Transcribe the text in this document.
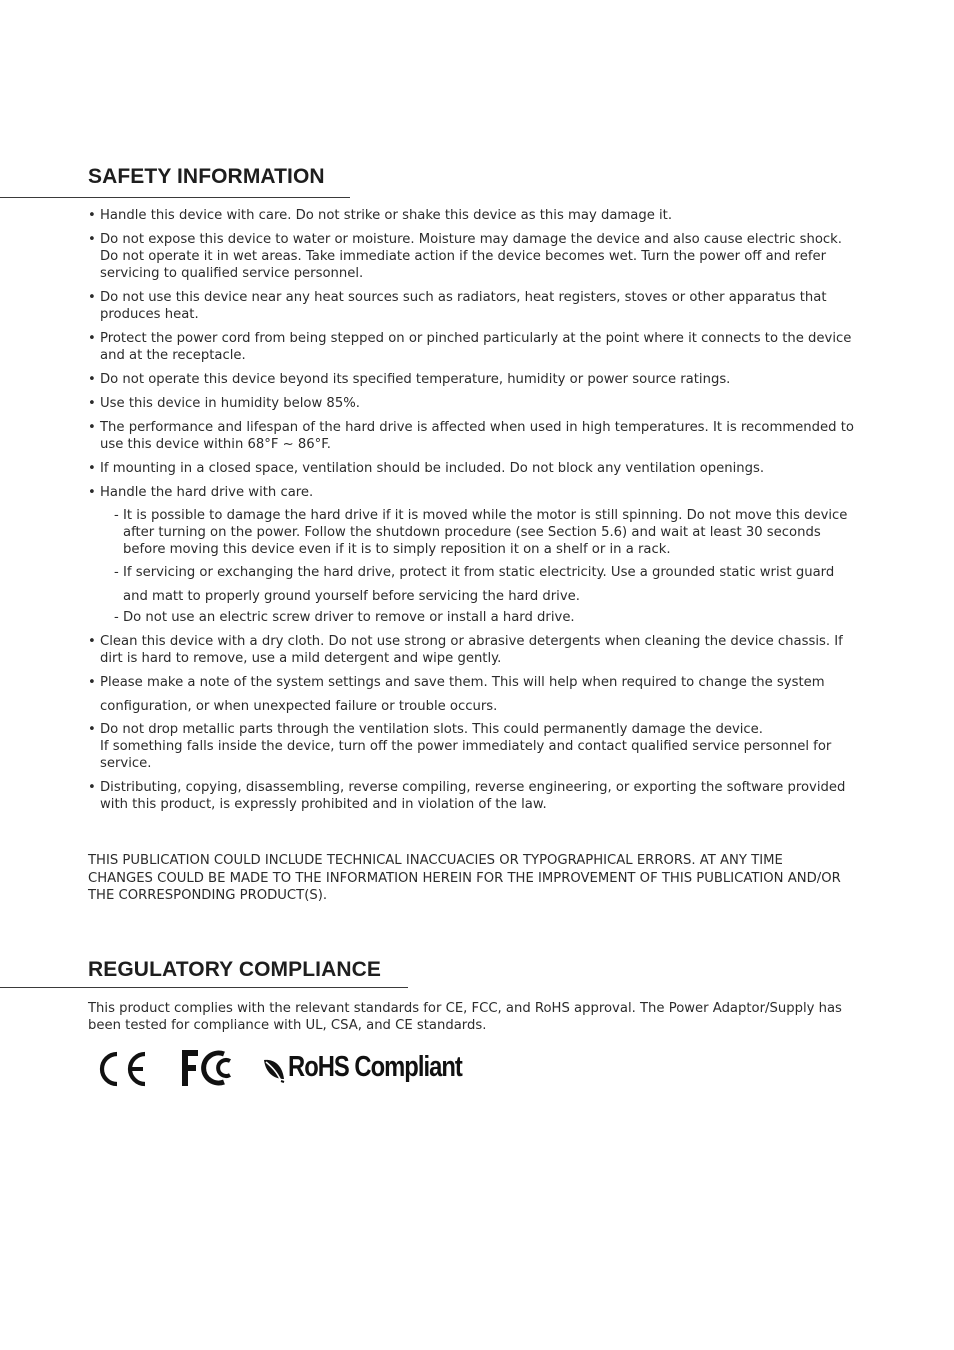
SAFETY INFORMATION
• Handle this device with care. Do not strike or shake this device as this may damage it.
• Do not expose this device to water or moisture. Moisture may damage the device and also cause electric shock. Do not operate it in wet areas. Take immediate action if the device becomes wet. Turn the power off and refer servicing to qualified service personnel.
• Do not use this device near any heat sources such as radiators, heat registers, stoves or other apparatus that produces heat.
• Protect the power cord from being stepped on or pinched particularly at the point where it connects to the device and at the receptacle.
• Do not operate this device beyond its specified temperature, humidity or power source ratings.
• Use this device in humidity below 85%.
• The performance and lifespan of the hard drive is affected when used in high temperatures. It is recommended to use this device within 68°F ~ 86°F.
• If mounting in a closed space, ventilation should be included. Do not block any ventilation openings.
• Handle the hard drive with care.
- It is possible to damage the hard drive if it is moved while the motor is still spinning. Do not move this device after turning on the power. Follow the shutdown procedure (see Section 5.6) and wait at least 30 seconds before moving this device even if it is to simply reposition it on a shelf or in a rack.
- If servicing or exchanging the hard drive, protect it from static electricity. Use a grounded static wrist guard and matt to properly ground yourself before servicing the hard drive.
- Do not use an electric screw driver to remove or install a hard drive.
• Clean this device with a dry cloth. Do not use strong or abrasive detergents when cleaning the device chassis. If dirt is hard to remove, use a mild detergent and wipe gently.
• Please make a note of the system settings and save them. This will help when required to change the system configuration, or when unexpected failure or trouble occurs.
• Do not drop metallic parts through the ventilation slots. This could permanently damage the device.
If something falls inside the device, turn off the power immediately and contact qualified service personnel for service.
• Distributing, copying, disassembling, reverse compiling, reverse engineering, or exporting the software provided with this product, is expressly prohibited and in violation of the law.

THIS PUBLICATION COULD INCLUDE TECHNICAL INACCUACIES OR TYPOGRAPHICAL ERRORS. AT ANY TIME CHANGES COULD BE MADE TO THE INFORMATION HEREIN FOR THE IMPROVEMENT OF THIS PUBLICATION AND/OR THE CORRESPONDING PRODUCT(S).

REGULATORY COMPLIANCE

This product complies with the relevant standards for CE, FCC, and RoHS approval. The Power Adaptor/Supply has been tested for compliance with UL, CSA, and CE standards.

RoHS Compliant
